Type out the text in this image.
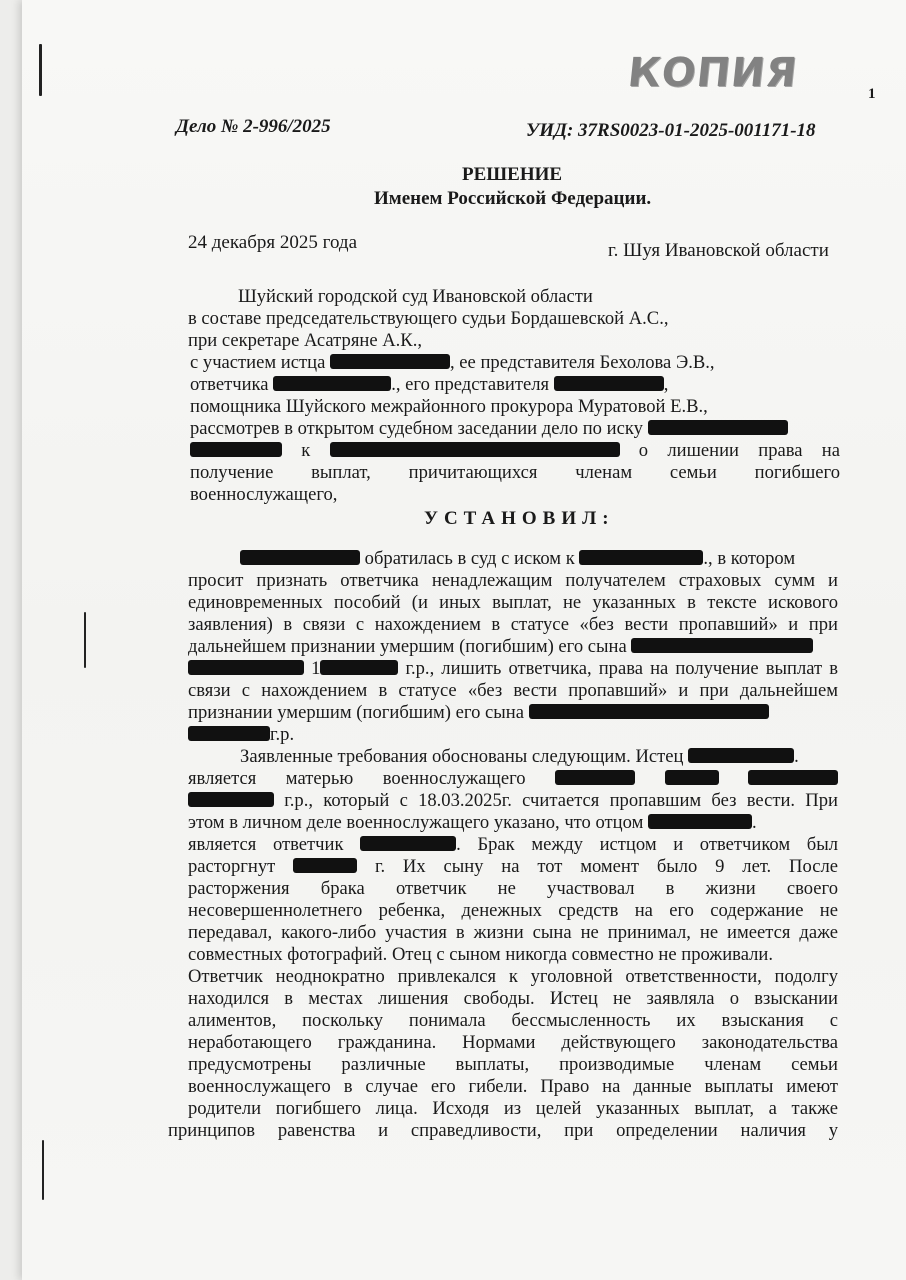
КОПИЯ	1
Дело № 2-996/2025	УИД: 37RS0023-01-2025-001171-18
РЕШЕНИЕ
Именем Российской Федерации.
24 декабря 2025 года	г. Шуя Ивановской области
Шуйский городской суд Ивановской области
в составе председательствующего судьи Бордашевской А.С.,
при секретаре Асатряне А.К.,
с участием истца	, ее представителя Бехолова Э.В.,
ответчика	., его представителя	,
помощника Шуйского межрайонного прокурора Муратовой Е.В.,
рассмотрев в открытом судебном заседании дело по иску
к	о лишении права на
получение выплат, причитающихся членам семьи погибшего
военнослужащего,
УСТАНОВИЛ:
обратилась в суд с иском к	., в котором
просит признать ответчика ненадлежащим получателем страховых сумм и
единовременных пособий (и иных выплат, не указанных в тексте искового
заявления) в связи с нахождением в статусе «без вести пропавший» и при
дальнейшем признании умершим (погибшим) его сына
1	г.р., лишить ответчика, права на получение выплат в
связи с нахождением в статусе «без вести пропавший» и при дальнейшем
признании умершим (погибшим) его сына
г.р.
Заявленные требования обоснованы следующим. Истец	.
является матерью военнослужащего
г.р., который с 18.03.2025г. считается пропавшим без вести. При
этом в личном деле военнослужащего указано, что отцом	.
является ответчик	. Брак между истцом и ответчиком был
расторгнут	г. Их сыну на тот момент было 9 лет. После
расторжения брака ответчик не участвовал в жизни своего
несовершеннолетнего ребенка, денежных средств на его содержание не
передавал, какого-либо участия в жизни сына не принимал, не имеется даже
совместных фотографий. Отец с сыном никогда совместно не проживали.
Ответчик неоднократно привлекался к уголовной ответственности, подолгу
находился в местах лишения свободы. Истец не заявляла о взыскании
алиментов, поскольку понимала бессмысленность их взыскания с
неработающего гражданина. Нормами действующего законодательства
предусмотрены различные выплаты, производимые членам семьи
военнослужащего в случае его гибели. Право на данные выплаты имеют
родители погибшего лица. Исходя из целей указанных выплат, а также
принципов равенства и справедливости, при определении наличия у
